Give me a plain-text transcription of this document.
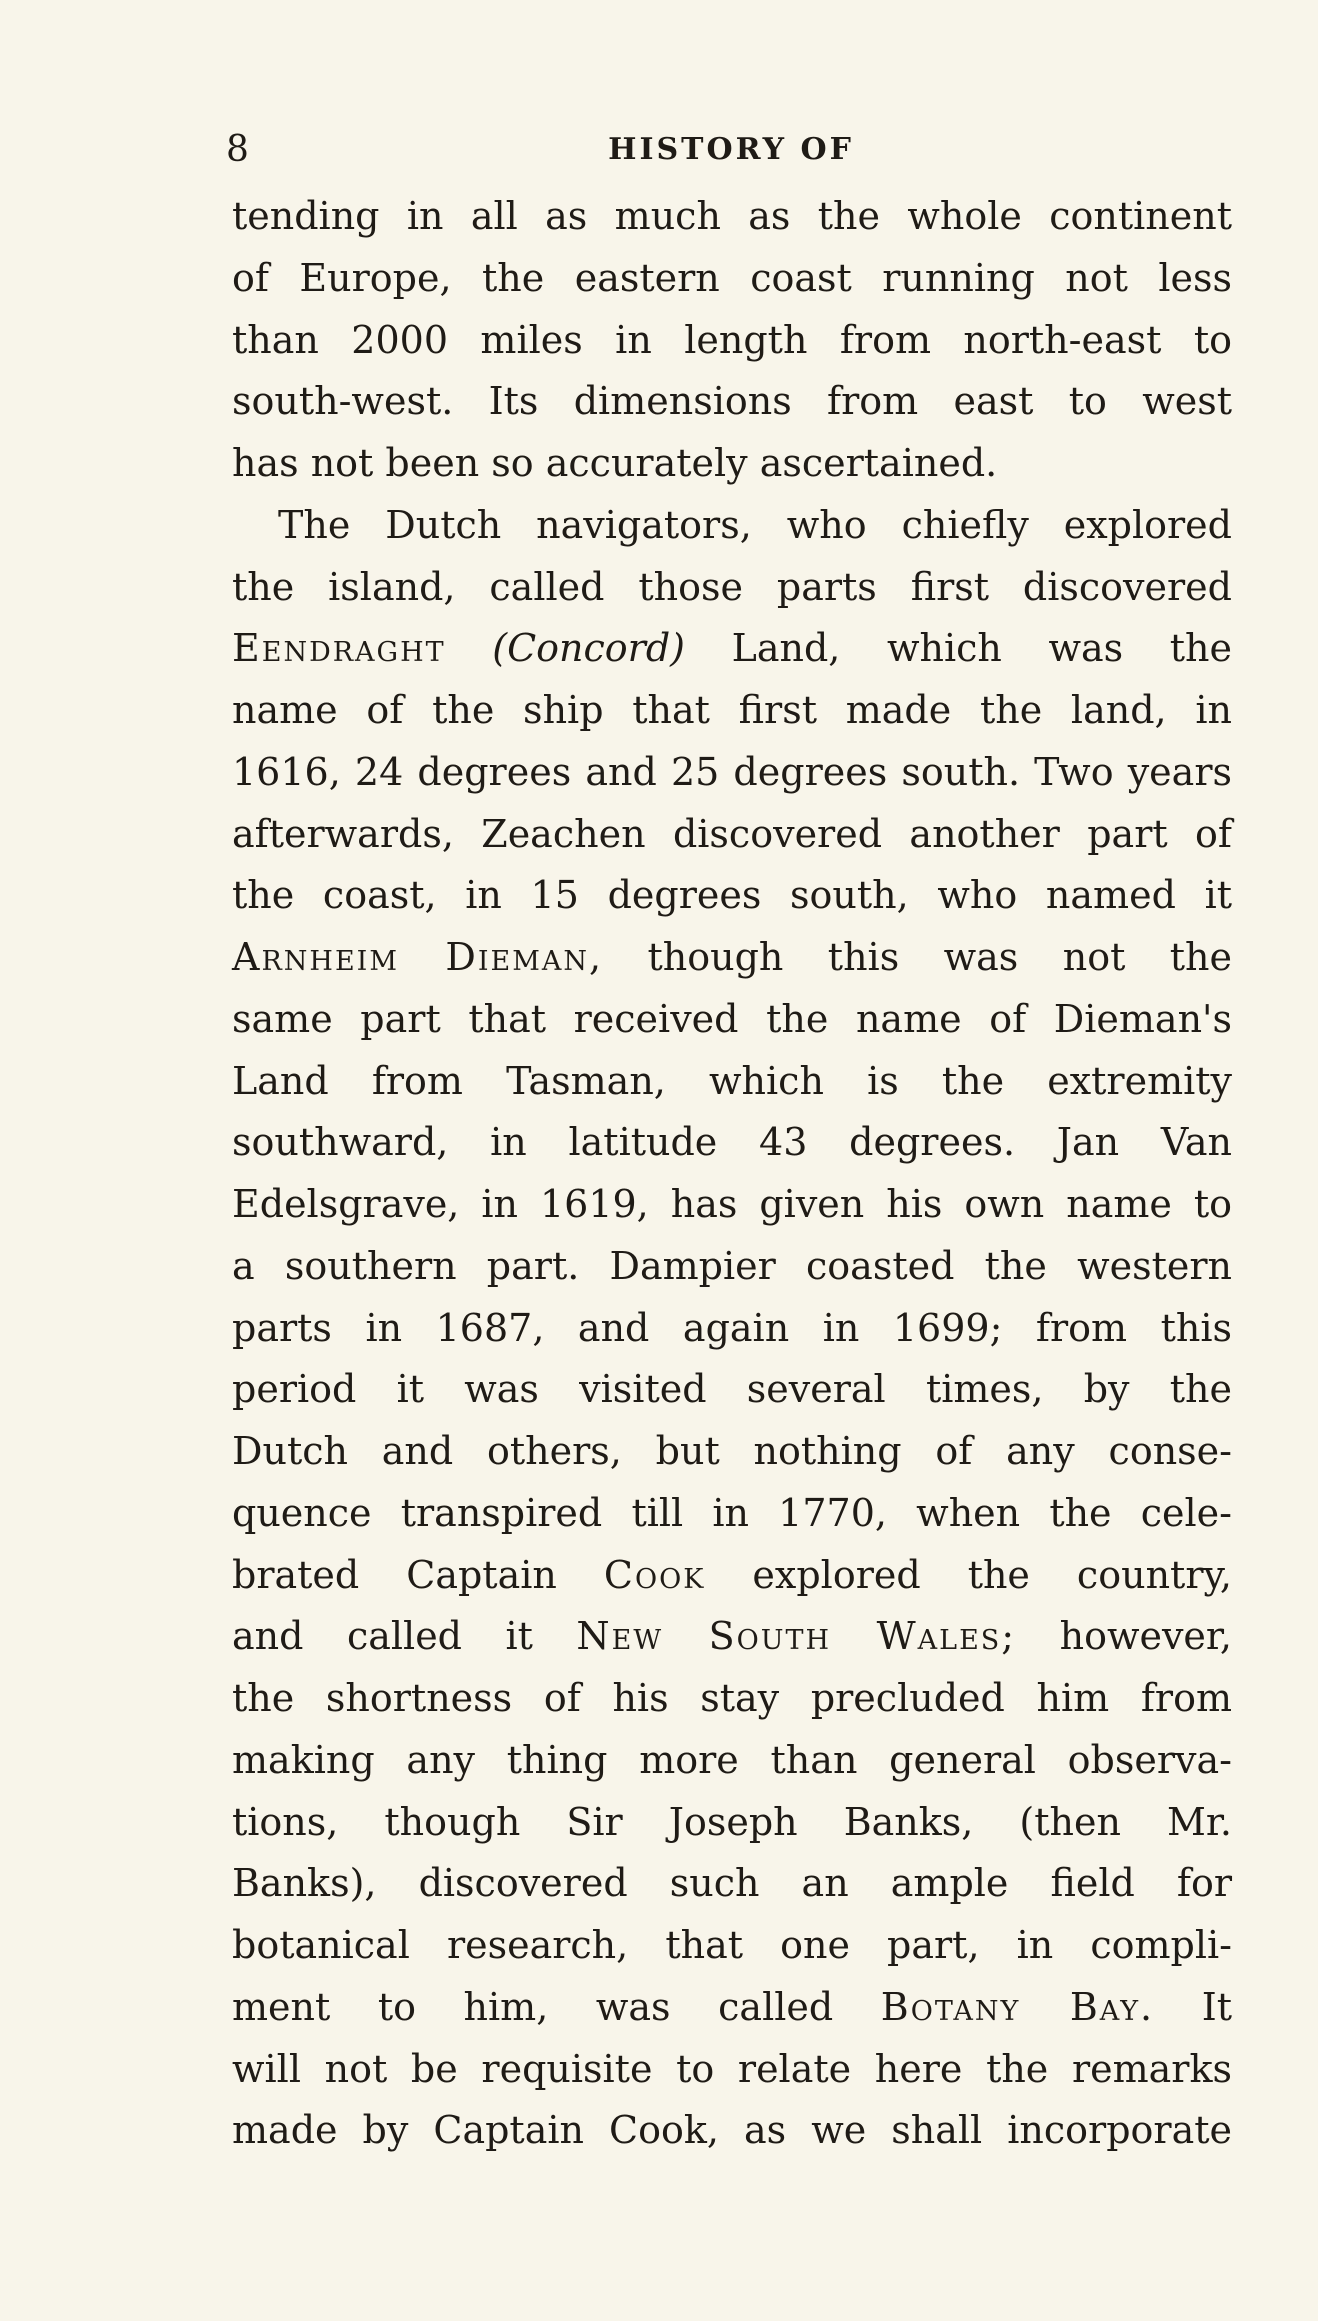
8	HISTORY OF
tending in all as much as the whole continent
of Europe, the eastern coast running not less
than 2000 miles in length from north-east to
south-west. Its dimensions from east to west
has not been so accurately ascertained.
The Dutch navigators, who chiefly explored
the island, called those parts first discovered
Eendraght (Concord) Land, which was the
name of the ship that first made the land, in
1616, 24 degrees and 25 degrees south. Two years
afterwards, Zeachen discovered another part of
the coast, in 15 degrees south, who named it
Arnheim Dieman, though this was not the
same part that received the name of Dieman's
Land from Tasman, which is the extremity
southward, in latitude 43 degrees. Jan Van
Edelsgrave, in 1619, has given his own name to
a southern part. Dampier coasted the western
parts in 1687, and again in 1699; from this
period it was visited several times, by the
Dutch and others, but nothing of any conse-
quence transpired till in 1770, when the cele-
brated Captain Cook explored the country,
and called it New South Wales; however,
the shortness of his stay precluded him from
making any thing more than general observa-
tions, though Sir Joseph Banks, (then Mr.
Banks), discovered such an ample field for
botanical research, that one part, in compli-
ment to him, was called Botany Bay. It
will not be requisite to relate here the remarks
made by Captain Cook, as we shall incorporate
